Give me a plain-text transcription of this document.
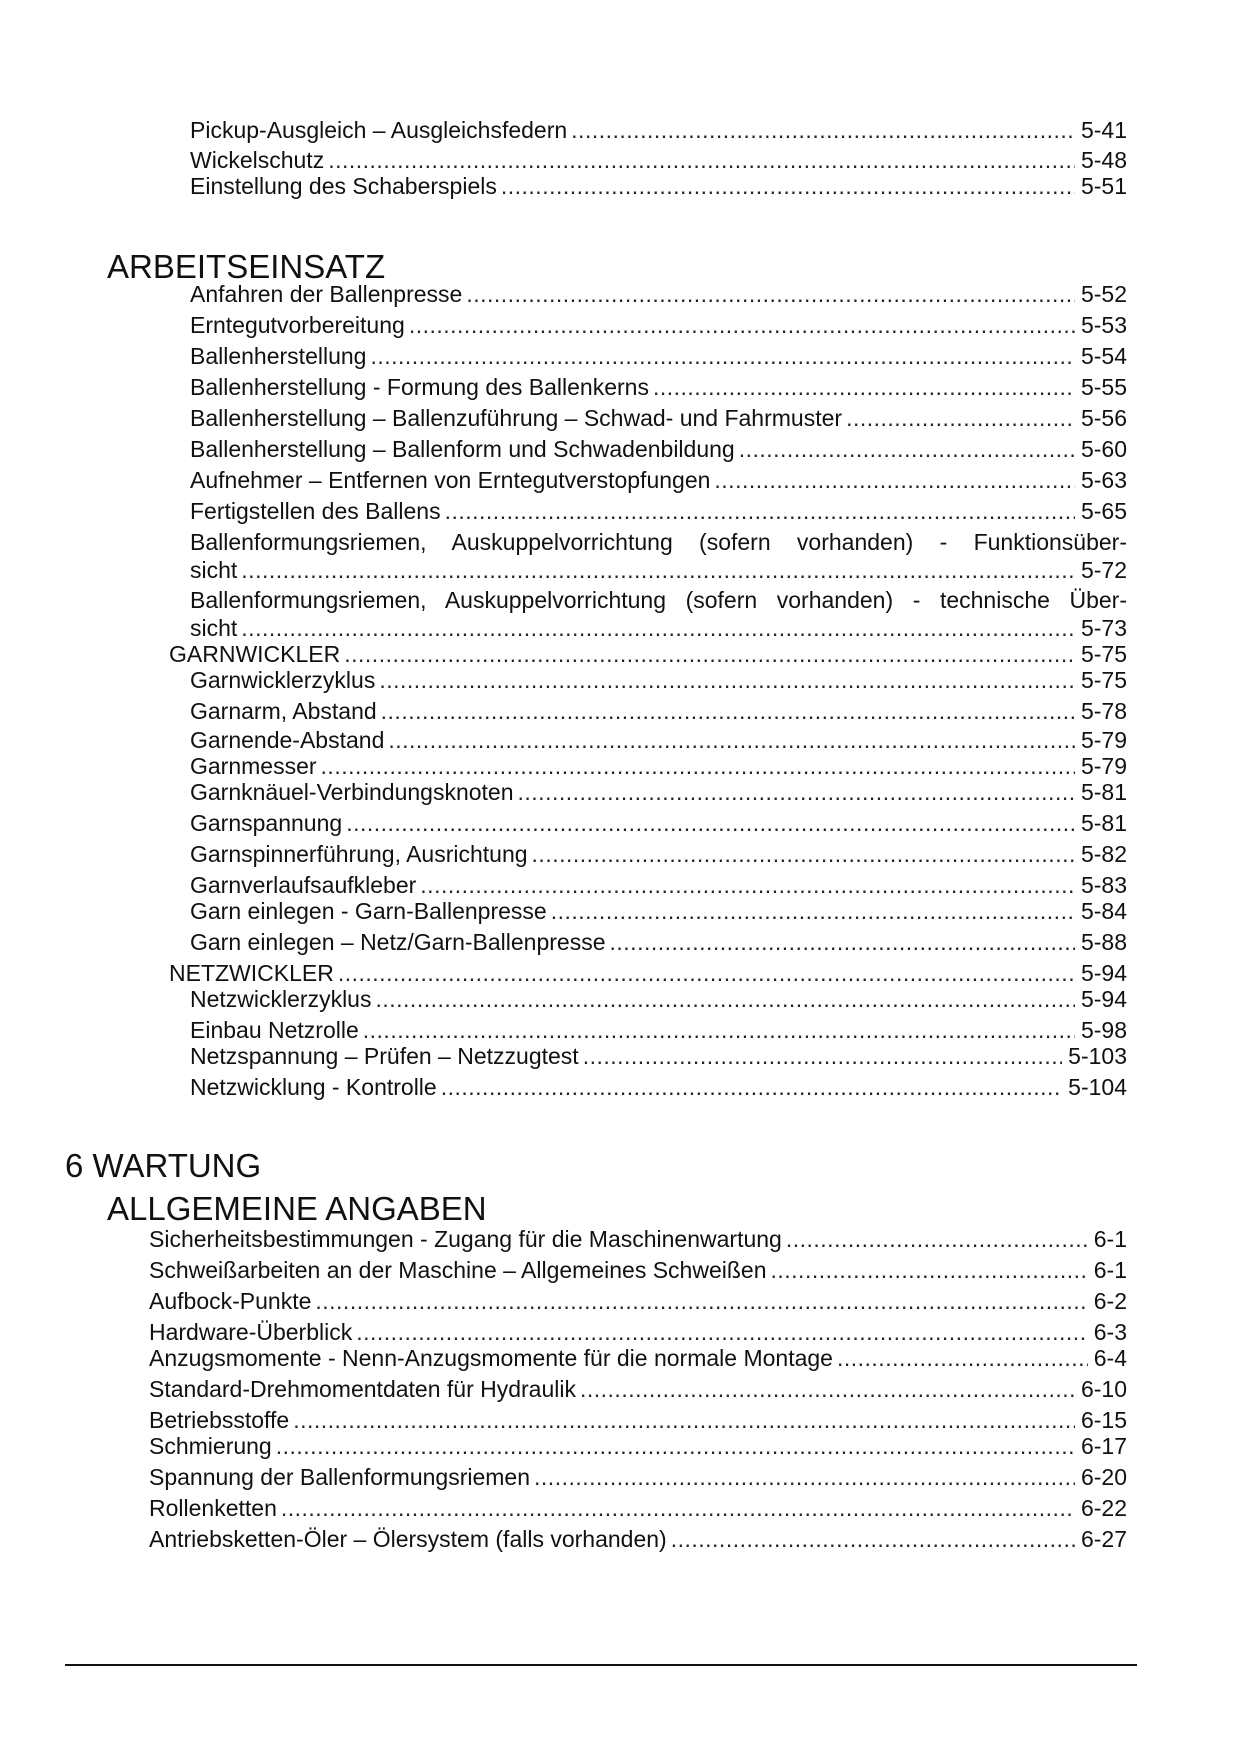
Pickup-Ausgleich – Ausgleichsfedern .....	5-41
Wickelschutz .....	5-48
Einstellung des Schaberspiels .....	5-51
ARBEITSEINSATZ
Anfahren der Ballenpresse .....	5-52
Erntegutvorbereitung .....	5-53
Ballenherstellung .....	5-54
Ballenherstellung - Formung des Ballenkerns .....	5-55
Ballenherstellung – Ballenzuführung – Schwad- und Fahrmuster .....	5-56
Ballenherstellung – Ballenform und Schwadenbildung .....	5-60
Aufnehmer – Entfernen von Erntegutverstopfungen .....	5-63
Fertigstellen des Ballens .....	5-65
Ballenformungsriemen, Auskuppelvorrichtung (sofern vorhanden) - Funktionsüber-
sicht .....	5-72
Ballenformungsriemen, Auskuppelvorrichtung (sofern vorhanden) - technische Über-
sicht .....	5-73
GARNWICKLER .....	5-75
Garnwicklerzyklus .....	5-75
Garnarm, Abstand .....	5-78
Garnende-Abstand .....	5-79
Garnmesser .....	5-79
Garnknäuel-Verbindungsknoten .....	5-81
Garnspannung .....	5-81
Garnspinnerführung, Ausrichtung .....	5-82
Garnverlaufsaufkleber .....	5-83
Garn einlegen - Garn-Ballenpresse .....	5-84
Garn einlegen – Netz/Garn-Ballenpresse .....	5-88
NETZWICKLER .....	5-94
Netzwicklerzyklus .....	5-94
Einbau Netzrolle .....	5-98
Netzspannung – Prüfen – Netzzugtest .....	5-103
Netzwicklung - Kontrolle .....	5-104
6 WARTUNG
ALLGEMEINE ANGABEN
Sicherheitsbestimmungen - Zugang für die Maschinenwartung .....	6-1
Schweißarbeiten an der Maschine – Allgemeines Schweißen .....	6-1
Aufbock-Punkte .....	6-2
Hardware-Überblick .....	6-3
Anzugsmomente - Nenn-Anzugsmomente für die normale Montage .....	6-4
Standard-Drehmomentdaten für Hydraulik .....	6-10
Betriebsstoffe .....	6-15
Schmierung .....	6-17
Spannung der Ballenformungsriemen .....	6-20
Rollenketten .....	6-22
Antriebsketten-Öler – Ölersystem (falls vorhanden) .....	6-27
